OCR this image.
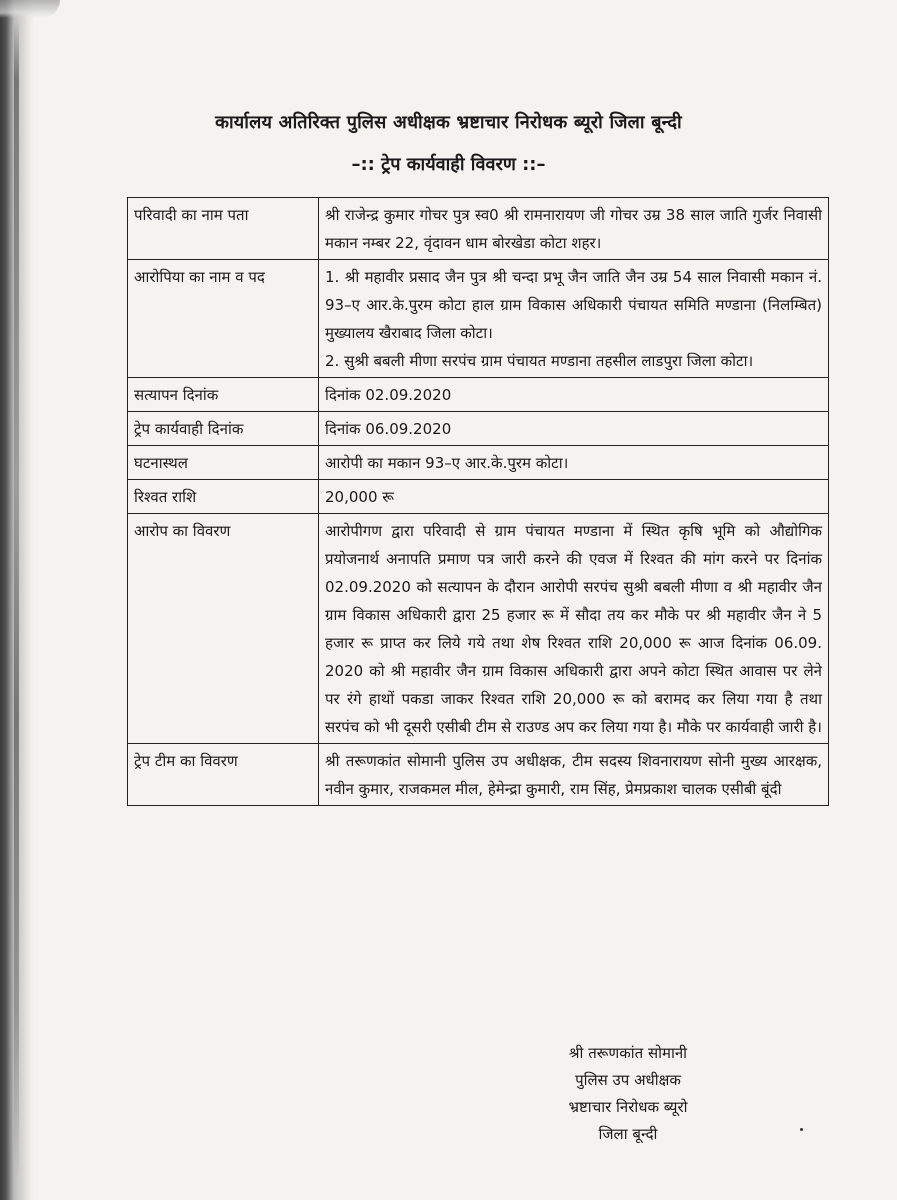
कार्यालय अतिरिक्त पुलिस अधीक्षक भ्रष्टाचार निरोधक ब्यूरो जिला बून्दी
–:: ट्रेप कार्यवाही विवरण ::–
परिवादी का नाम पता	श्री राजेन्द्र कुमार गोचर पुत्र स्व0 श्री रामनारायण जी गोचर उम्र 38 साल जाति गुर्जर निवासी मकान नम्बर 22, वृंदावन धाम बोरखेडा कोटा शहर।
आरोपिया का नाम व पद	1. श्री महावीर प्रसाद जैन पुत्र श्री चन्दा प्रभू जैन जाति जैन उम्र 54 साल निवासी मकान नं. 93–ए आर.के.पुरम कोटा हाल ग्राम विकास अधिकारी पंचायत समिति मण्डाना (निलम्बित) मुख्यालय खैराबाद जिला कोटा।
2. सुश्री बबली मीणा सरपंच ग्राम पंचायत मण्डाना तहसील लाडपुरा जिला कोटा।

सत्यापन दिनांक	दिनांक 02.09.2020
ट्रेप कार्यवाही दिनांक	दिनांक 06.09.2020
घटनास्थल	आरोपी का मकान 93–ए आर.के.पुरम कोटा।
रिश्वत राशि	20,000 रू
आरोप का विवरण	आरोपीगण द्वारा परिवादी से ग्राम पंचायत मण्डाना में स्थित कृषि भूमि को औद्योगिक प्रयोजनार्थ अनापति प्रमाण पत्र जारी करने की एवज में रिश्वत की मांग करने पर दिनांक 02.09.2020 को सत्यापन के दौरान आरोपी सरपंच सुश्री बबली मीणा व श्री महावीर जैन ग्राम विकास अधिकारी द्वारा 25 हजार रू में सौदा तय कर मौके पर श्री महावीर जैन ने 5 हजार रू प्राप्त कर लिये गये तथा शेष रिश्वत राशि 20,000 रू आज दिनांक 06.09. 2020 को श्री महावीर जैन ग्राम विकास अधिकारी द्वारा अपने कोटा स्थित आवास पर लेने पर रंगे हाथों पकडा जाकर रिश्वत राशि 20,000 रू को बरामद कर लिया गया है तथा सरपंच को भी दूसरी एसीबी टीम से राउण्ड अप कर लिया गया है। मौके पर कार्यवाही जारी है।
ट्रेप टीम का विवरण	श्री तरूणकांत सोमानी पुलिस उप अधीक्षक, टीम सदस्य शिवनारायण सोनी मुख्य आरक्षक, नवीन कुमार, राजकमल मील, हेमेन्द्रा कुमारी, राम सिंह, प्रेमप्रकाश चालक एसीबी बूंदी
श्री तरूणकांत सोमानी
पुलिस उप अधीक्षक
भ्रष्टाचार निरोधक ब्यूरो
जिला बून्दी
